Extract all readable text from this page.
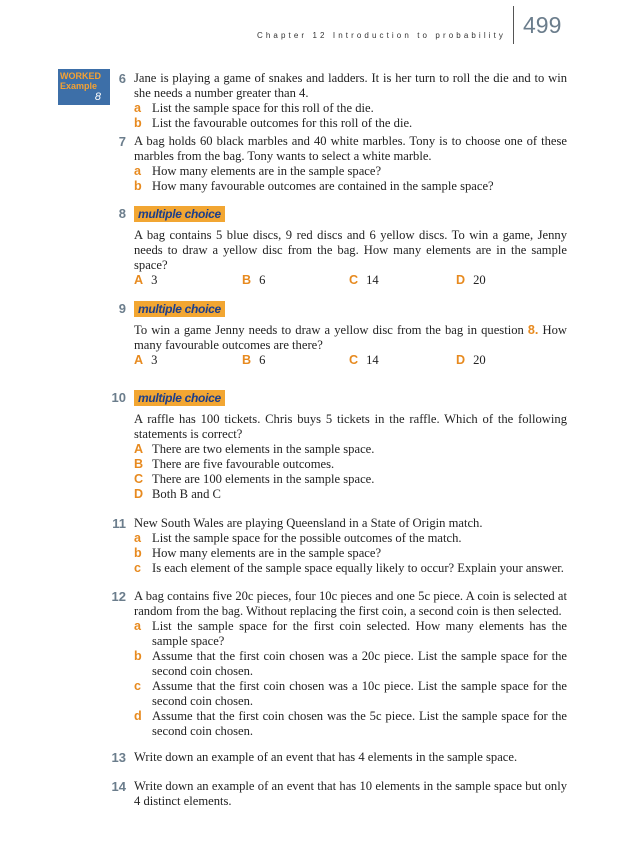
Chapter 12 Introduction to probability 499
WORKED
Example
8
6 Jane is playing a game of snakes and ladders. It is her turn to roll the die and to win she needs a number greater than 4.
a List the sample space for this roll of the die.
b List the favourable outcomes for this roll of the die.
7 A bag holds 60 black marbles and 40 white marbles. Tony is to choose one of these marbles from the bag. Tony wants to select a white marble.
a How many elements are in the sample space?
b How many favourable outcomes are contained in the sample space?
8	multiple choice
A bag contains 5 blue discs, 9 red discs and 6 yellow discs. To win a game, Jenny needs to draw a yellow disc from the bag. How many elements are in the sample space?
A 3	B 6	C 14	D 20
9	multiple choice
To win a game Jenny needs to draw a yellow disc from the bag in question 8. How many favourable outcomes are there?
A 3	B 6	C 14	D 20
10	multiple choice
A raffle has 100 tickets. Chris buys 5 tickets in the raffle. Which of the following statements is correct?
A There are two elements in the sample space.
B There are five favourable outcomes.
C There are 100 elements in the sample space.
D Both B and C
11 New South Wales are playing Queensland in a State of Origin match.
a List the sample space for the possible outcomes of the match.
b How many elements are in the sample space?
c Is each element of the sample space equally likely to occur? Explain your answer.
12 A bag contains five 20c pieces, four 10c pieces and one 5c piece. A coin is selected at random from the bag. Without replacing the first coin, a second coin is then selected.
a List the sample space for the first coin selected. How many elements has the sample space?
b Assume that the first coin chosen was a 20c piece. List the sample space for the second coin chosen.
c Assume that the first coin chosen was a 10c piece. List the sample space for the second coin chosen.
d Assume that the first coin chosen was the 5c piece. List the sample space for the second coin chosen.
13 Write down an example of an event that has 4 elements in the sample space.
14 Write down an example of an event that has 10 elements in the sample space but only 4 distinct elements.
